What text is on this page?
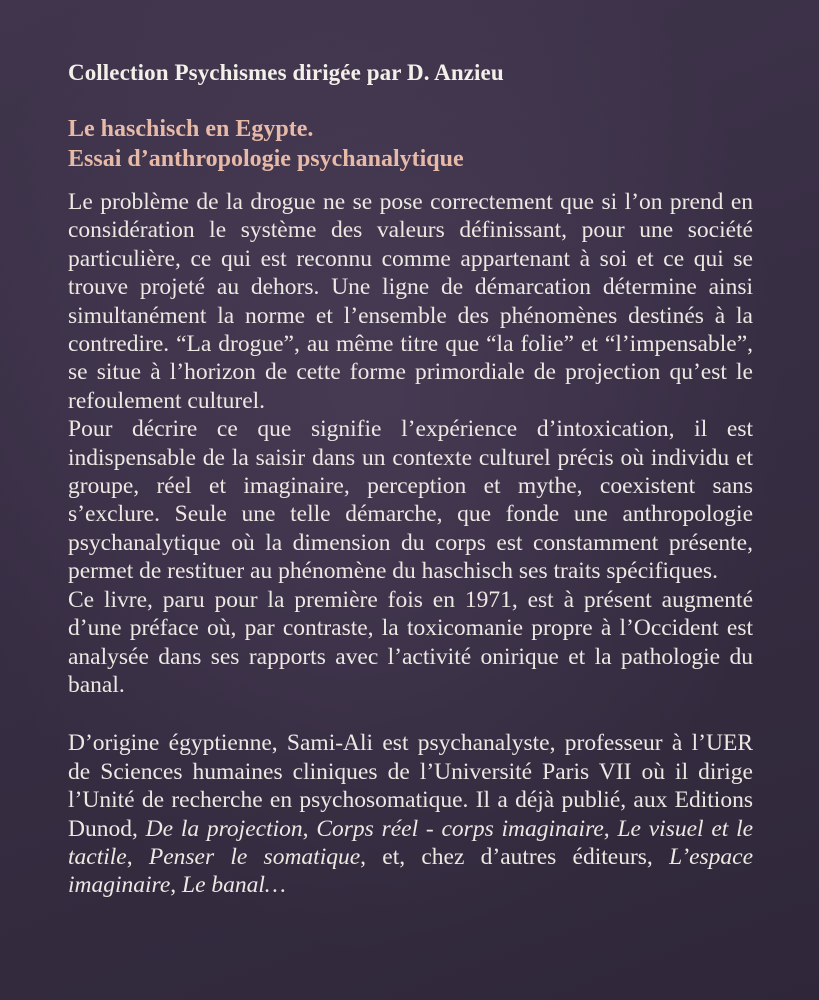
Collection Psychismes dirigée par D. Anzieu
Le haschisch en Egypte.
Essai d’anthropologie psychanalytique

Le problème de la drogue ne se pose correctement que si l’on prend en considération le système des valeurs définissant, pour une société particulière, ce qui est reconnu comme appartenant à soi et ce qui se trouve projeté au dehors. Une ligne de démarcation détermine ainsi simultanément la norme et l’ensemble des phénomènes destinés à la contredire. “La drogue”, au même titre que “la folie” et “l’impensable”, se situe à l’horizon de cette forme primordiale de projection qu’est le refoulement culturel.

Pour décrire ce que signifie l’expérience d’intoxication, il est indispensable de la saisir dans un contexte culturel précis où individu et groupe, réel et imaginaire, perception et mythe, coexistent sans s’exclure. Seule une telle démarche, que fonde une anthropologie psychanalytique où la dimension du corps est constamment présente, permet de restituer au phénomène du haschisch ses traits spécifiques.

Ce livre, paru pour la première fois en 1971, est à présent augmenté d’une préface où, par contraste, la toxicomanie propre à l’Occident est analysée dans ses rapports avec l’activité onirique et la pathologie du banal.

D’origine égyptienne, Sami-Ali est psychanalyste, professeur à l’UER de Sciences humaines cliniques de l’Université Paris VII où il dirige l’Unité de recherche en psychosomatique. Il a déjà publié, aux Editions Dunod, De la projection, Corps réel - corps imaginaire, Le visuel et le tactile, Penser le somatique, et, chez d’autres éditeurs, L’espace imaginaire, Le banal…
